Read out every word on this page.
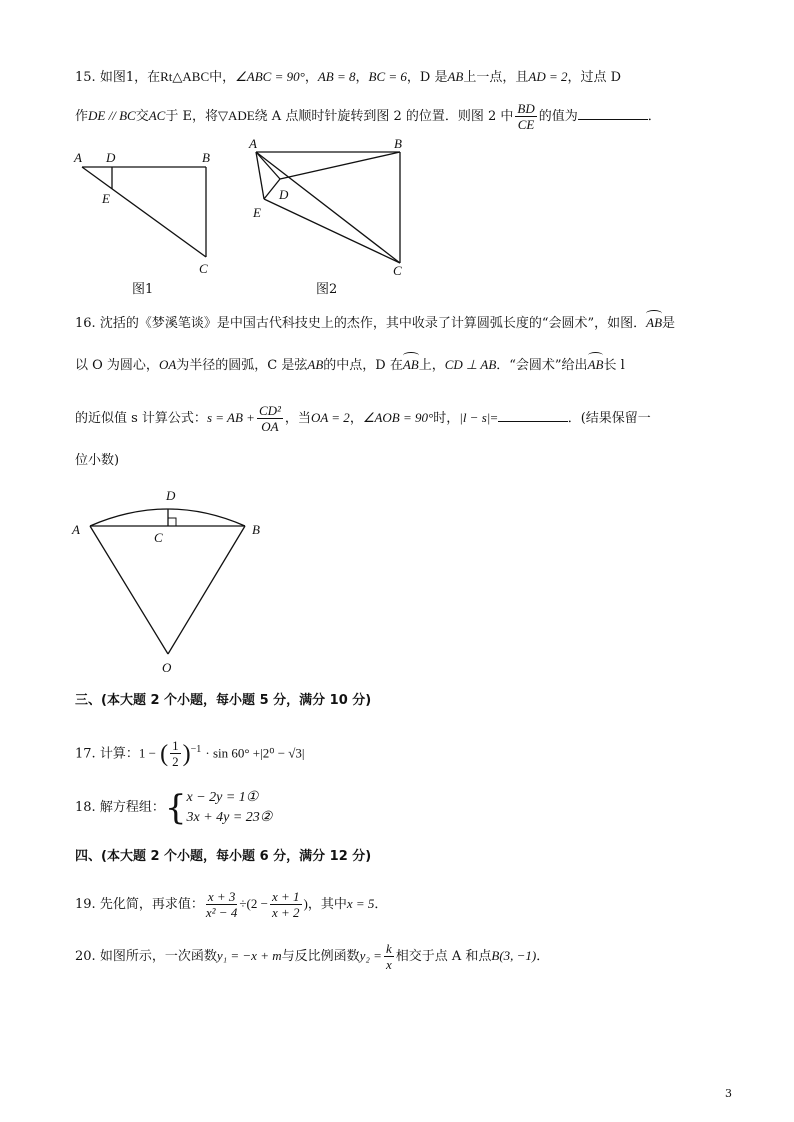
15. 如图1，在Rt△ABC中，∠ABC = 90°，AB = 8，BC = 6，D 是AB上一点，且AD = 2，过点 D
作DE // BC交AC于 E，将▽ADE绕 A 点顺时针旋转到图 2 的位置．则图 2 中 $\frac{BD}{CE}$ 的值为	．
A D	B
E
C
图1
A	B
D
E
C
图2
16. 沈括的《梦溪笔谈》是中国古代科技史上的杰作，其中收录了计算圆弧长度的“会圆术”，如图．AB是
以 O 为圆心，OA为半径的圆弧，C 是弦AB的中点，D 在AB上，CD ⊥ AB．“会圆术”给出AB长 l
的近似值 s 计算公式：s = AB + $\frac{\text{CD²}}{OA}$ ，当OA = 2，∠AOB = 90°时，|l − s|=	．(结果保留一
位小数)
A	B
C
D
O
三、(本大题 2 个小题，每小题 5 分，满分 10 分)
17. 计算：1 − ( $\frac{1}{2} )^{-1} \cdot \sin 60^\circ +|2^0 - √3|$
18. 解方程组：{ x − 2y = 1①
3x + 4y = 23②
四、(本大题 2 个小题，每小题 6 分，满分 12 分)
19. 先化简，再求值： $\frac{x + 3}{\text{x² − 4}} \div(2 - \frac{x + 1}{x + 2}$ )，其中x = 5．
20. 如图所示，一次函数y₁ = −x + m与反比例函数$y_2 = \frac{k}{x}$ 相交于点 A 和点B(3, −1)．
3
